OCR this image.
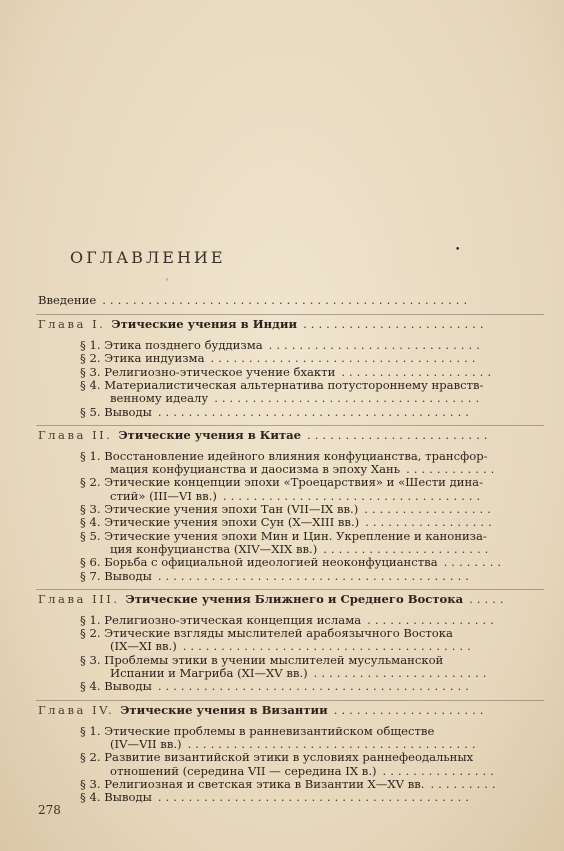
ОГЛАВЛЕНИЕ	•
'
Введение ................................................
Глава I. Этические учения в Индии ........................
§ 1. Этика позднего буддизма ............................
§ 2. Этика индуизма ...................................
§ 3. Религиозно-этическое учение бхакти ....................
§ 4. Материалистическая альтернатива потустороннему нравств-
венному идеалу ...................................
§ 5. Выводы .........................................
Глава II. Этические учения в Китае ........................
§ 1. Восстановление идейного влияния конфуцианства, трансфор-
мация конфуцианства и даосизма в эпоху Хань ............
§ 2. Этические концепции эпохи «Троецарствия» и «Шести дина-
стий» (III—VI вв.) ..................................
§ 3. Этические учения эпохи Тан (VII—IX вв.) .................
§ 4. Этические учения эпохи Сун (X—XIII вв.) .................
§ 5. Этические учения эпохи Мин и Цин. Укрепление и канониза-
ция конфуцианства (XIV—XIX вв.) ......................
§ 6. Борьба с официальной идеологией неоконфуцианства ........
§ 7. Выводы .........................................
Глава III. Этические учения Ближнего и Среднего Востока .....
§ 1. Религиозно-этическая концепция ислама .................
§ 2. Этические взгляды мыслителей арабоязычного Востока
(IX—XI вв.) ......................................
§ 3. Проблемы этики в учении мыслителей мусульманской
Испании и Магриба (XI—XV вв.) .......................
§ 4. Выводы .........................................
Глава IV. Этические учения в Византии ....................
§ 1. Этические проблемы в ранневизантийском обществе
(IV—VII вв.) ......................................
§ 2. Развитие византийской этики в условиях раннефеодальных
отношений (середина VII — середина IX в.) ...............
§ 3. Религиозная и светская этика в Византии X—XV вв. .........
§ 4. Выводы .........................................
278
